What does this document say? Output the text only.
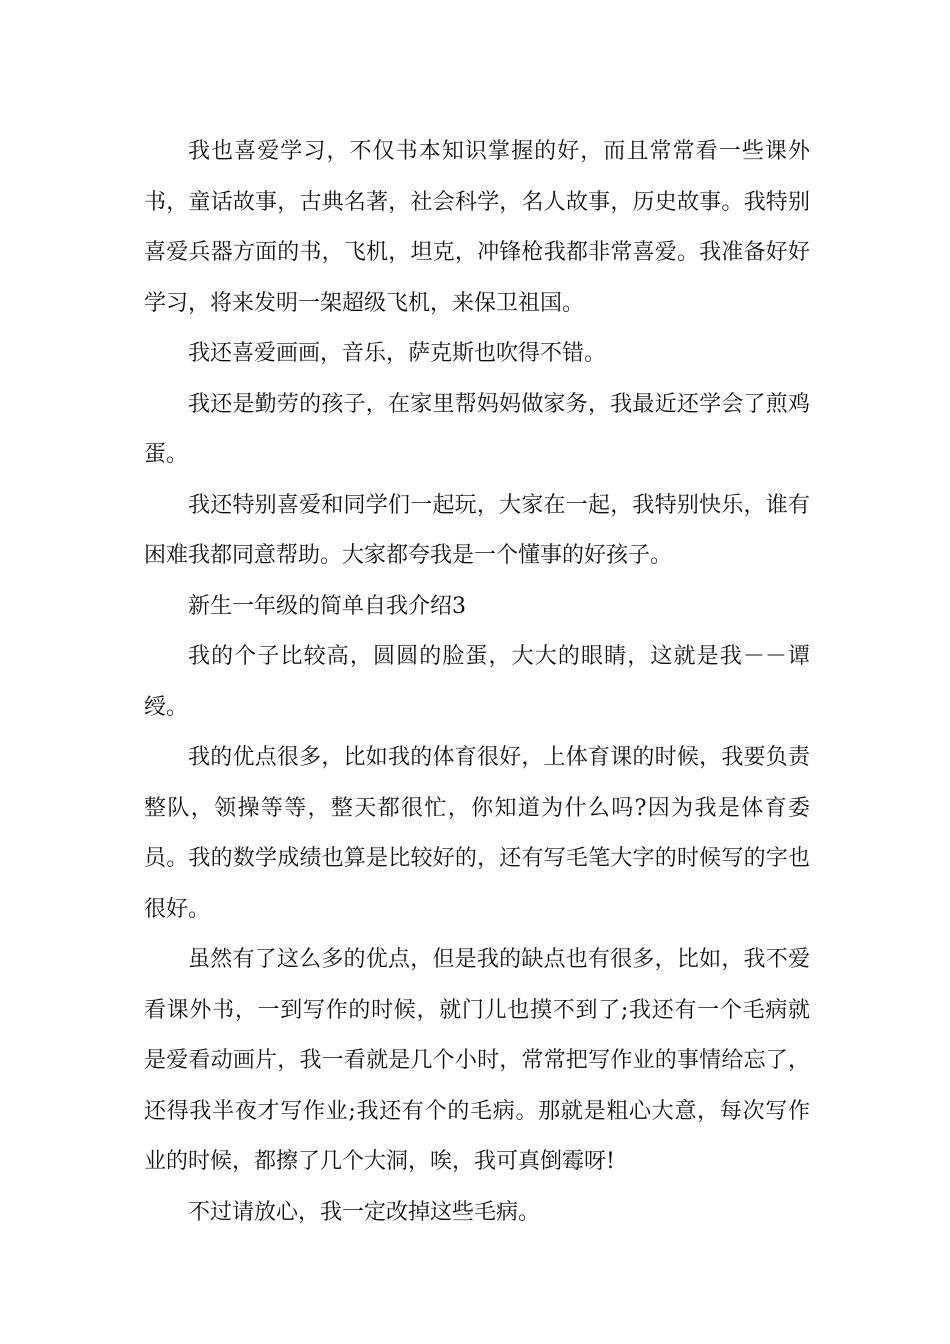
我也喜爱学习，不仅书本知识掌握的好，而且常常看一些课外书，童话故事，古典名著，社会科学，名人故事，历史故事。我特别喜爱兵器方面的书，飞机，坦克，冲锋枪我都非常喜爱。我准备好好学习，将来发明一架超级飞机，来保卫祖国。

我还喜爱画画，音乐，萨克斯也吹得不错。

我还是勤劳的孩子，在家里帮妈妈做家务，我最近还学会了煎鸡蛋。

我还特别喜爱和同学们一起玩，大家在一起，我特别快乐，谁有困难我都同意帮助。大家都夸我是一个懂事的好孩子。

新生一年级的简单自我介绍3

我的个子比较高，圆圆的脸蛋，大大的眼睛，这就是我－－谭绶。

我的优点很多，比如我的体育很好，上体育课的时候，我要负责整队，领操等等，整天都很忙，你知道为什么吗?因为我是体育委员。我的数学成绩也算是比较好的，还有写毛笔大字的时候写的字也很好。

虽然有了这么多的优点，但是我的缺点也有很多，比如，我不爱看课外书，一到写作的时候，就门儿也摸不到了;我还有一个毛病就是爱看动画片，我一看就是几个小时，常常把写作业的事情给忘了，还得我半夜才写作业;我还有个的毛病。那就是粗心大意，每次写作业的时候，都擦了几个大洞，唉，我可真倒霉呀!

不过请放心，我一定改掉这些毛病。
